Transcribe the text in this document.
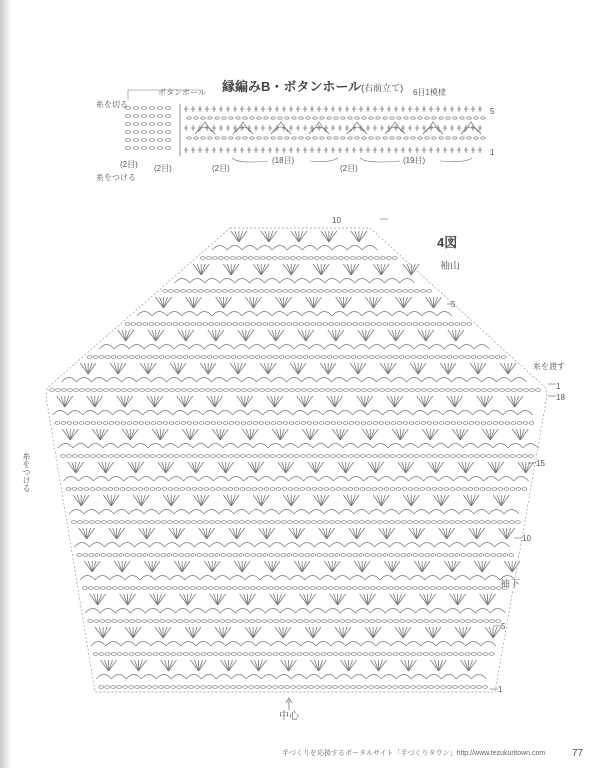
縁編みB・ボタンホール(右前立て)
ボタンホール
糸を切る
6目1模様
5
1
(2目) (2目)	(2目)
(18目)
(2目)
(19目)
糸をつける
4図
袖山
袖下
中心
糸を渡す
糸をつける
10
5
1
18
15
10
5
1
手づくりを応援するポータルサイト「手づくりタウン」http://www.tezukuritown.com	77
